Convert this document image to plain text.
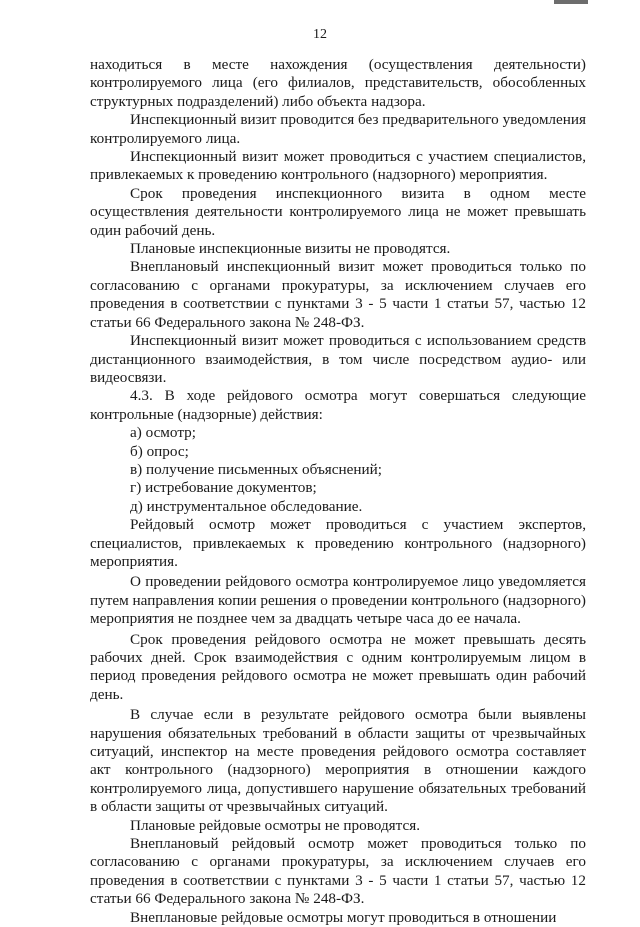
12

находиться в месте нахождения (осуществления деятельности) контролируемого лица (его филиалов, представительств, обособленных структурных подразделений) либо объекта надзора.

Инспекционный визит проводится без предварительного уведомления контролируемого лица.

Инспекционный визит может проводиться с участием специалистов, привлекаемых к проведению контрольного (надзорного) мероприятия.

Срок проведения инспекционного визита в одном месте осуществления деятельности контролируемого лица не может превышать один рабочий день.

Плановые инспекционные визиты не проводятся.

Внеплановый инспекционный визит может проводиться только по согласованию с органами прокуратуры, за исключением случаев его проведения в соответствии с пунктами 3 - 5 части 1 статьи 57, частью 12 статьи 66 Федерального закона № 248-ФЗ.

Инспекционный визит может проводиться с использованием средств дистанционного взаимодействия, в том числе посредством аудио- или видеосвязи.

4.3. В ходе рейдового осмотра могут совершаться следующие контрольные (надзорные) действия:

а) осмотр;

б) опрос;

в) получение письменных объяснений;

г) истребование документов;

д) инструментальное обследование.

Рейдовый осмотр может проводиться с участием экспертов, специалистов, привлекаемых к проведению контрольного (надзорного) мероприятия.

О проведении рейдового осмотра контролируемое лицо уведомляется путем направления копии решения о проведении контрольного (надзорного) мероприятия не позднее чем за двадцать четыре часа до ее начала.

Срок проведения рейдового осмотра не может превышать десять рабочих дней. Срок взаимодействия с одним контролируемым лицом в период проведения рейдового осмотра не может превышать один рабочий день.

В случае если в результате рейдового осмотра были выявлены нарушения обязательных требований в области защиты от чрезвычайных ситуаций, инспектор на месте проведения рейдового осмотра составляет акт контрольного (надзорного) мероприятия в отношении каждого контролируемого лица, допустившего нарушение обязательных требований в области защиты от чрезвычайных ситуаций.

Плановые рейдовые осмотры не проводятся.

Внеплановый рейдовый осмотр может проводиться только по согласованию с органами прокуратуры, за исключением случаев его проведения в соответствии с пунктами 3 - 5 части 1 статьи 57, частью 12 статьи 66 Федерального закона № 248-ФЗ.

Внеплановые рейдовые осмотры могут проводиться в отношении
